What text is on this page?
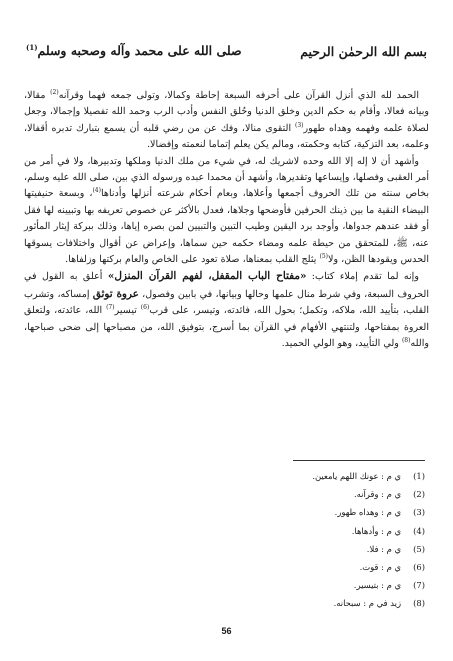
بسم الله الرحمٰن الرحيم
صلى الله على محمد وآله وصحبه وسلم$^{(1)}$

الحمد لله الذي أنزل القرآن على أحرفه السبعة إحاطة وكمالا، وتولى جمعه فهما وقرآنه$^{(2)}$ مقالا، وبيانه فعالا، وأقام به حكم الدين وخلق الدنيا وحُلق النفس وأدب الرب وحمد الله تفصيلا وإجمالا، وجعل لصلاة علمه وفهمه وهداه طهور$^{(3)}$ التقوى منالا، وفك عن من رضي قلبه أن يسمع بتبارك تدبره أقفالا، وعلمه، بعد التزكية، كتابه وحكمته، ومالم يكن يعلم إتماما لنعمته وإفضالا.

وأشهد أن لا إله إلا الله وحده لاشريك له، في شيء من ملك الدنيا وملكها وتدبيرها، ولا في أمر من أمر العقبى وفصلها، وإيساعها وتقديرها، وأشهد أن محمدا عبده ورسوله الذي بين، صلى الله عليه وسلم، بخاص سنته من تلك الحروف أجمعها وأعلاها، وبعام أحكام شرعته أنزلها وأدناها$^{(4)}$، وبسعة حنيفيتها البيضاء النقية ما بين ذينك الحرفين فأوضحها وجلاها، فعدل بالأكثر عن خصوص تعريفه بها وتبيينه لها فقل أو فقد عندهم جدواها، وأوجد برد اليقين وطيب التبين والتبيين لمن بصره إياها، وذلك ببركة إيثار المأثور عنه، ﷺ، للمتحقق من حيطة علمه ومضاء حكمه حين سماها، وإعراض عن أقوال واختلافات يسوقها الحدس ويقودها الظن، ولا$^{(5)}$ يثلج القلب بمعناها، صلاة تعود على الخاص والعام بركتها وزلفاها.

وإنه لما تقدم إملاء كتاب: «مفتاح الباب المقفل، لفهم القرآن المنزل» أعلق به القول في الحروف السبعة، وفي شرط منال علمها وحالها وبيانها، في بابين وفصول، عروة توثق إمساكه، وتشرب القلب، بتأييد الله، ملاكه، وتكمل؛ بحول الله، فائدته، وتيسر، على قرب$^{(6)}$ تيسير$^{(7)}$ الله، عائدته، ولتعلق العروة بمفتاحها، ولتنتهي الأفهام في القرآن بما أسرج، بتوفيق الله، من مصباحها إلى ضحى صباحها، والله$^{(8)}$ ولي التأييد، وهو الولي الحميد.

(1)
ي م : عونك اللهم يامعين.
(2)
ي م : وقرآنه.
(3)
ي م : وهداه طهور.
(4)
ي م : وأدهاها.
(5)
ي م : فلا.
(6)
ي م : قوت.
(7)
ي م : بتيسير.
(8)
زيد في م : سبحانه.
56
